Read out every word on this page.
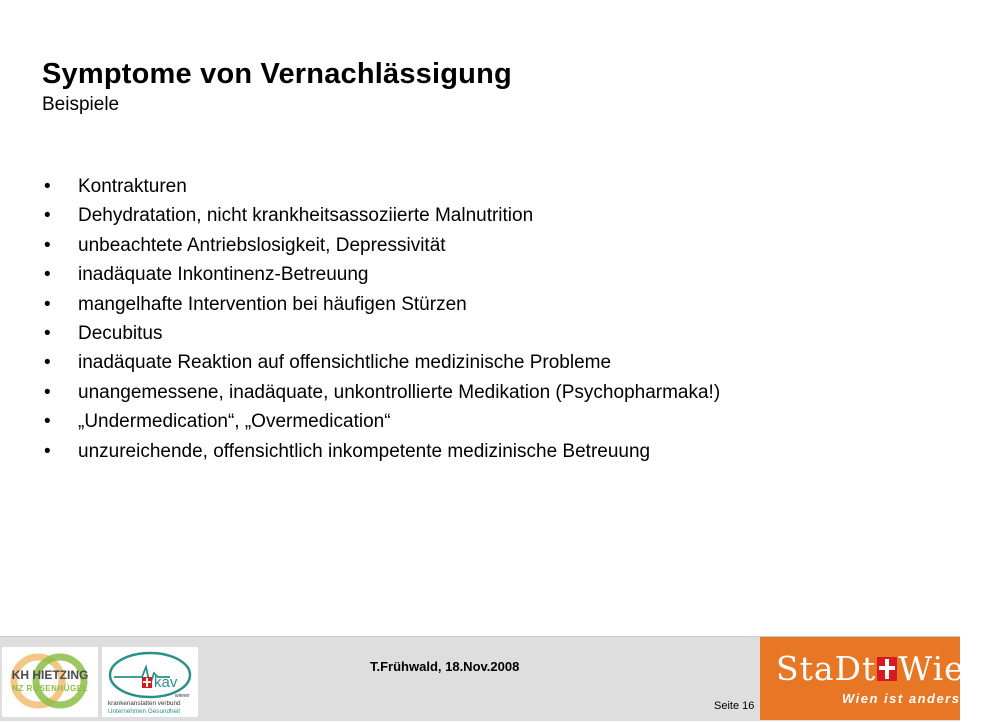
Symptome von Vernachlässigung

Beispiele

• Kontrakturen
• Dehydratation, nicht krankheitsassoziierte Malnutrition
• unbeachtete Antriebslosigkeit, Depressivität
• inadäquate Inkontinenz-Betreuung
• mangelhafte Intervention bei häufigen Stürzen
• Decubitus
• inadäquate Reaktion auf offensichtliche medizinische Probleme
• unangemessene, inadäquate, unkontrollierte Medikation (Psychopharmaka!)
• „Undermedication“, „Overmedication“
• unzureichende, offensichtlich inkompetente medizinische Betreuung
KH HIETZING
NZ ROSENHÜGEL	kav
wiener
krankenanstalten verbund
Unternehmen Gesundheit
T.Frühwald, 18.Nov.2008
Seite 16
StaDt Wien
Wien ist anders.
